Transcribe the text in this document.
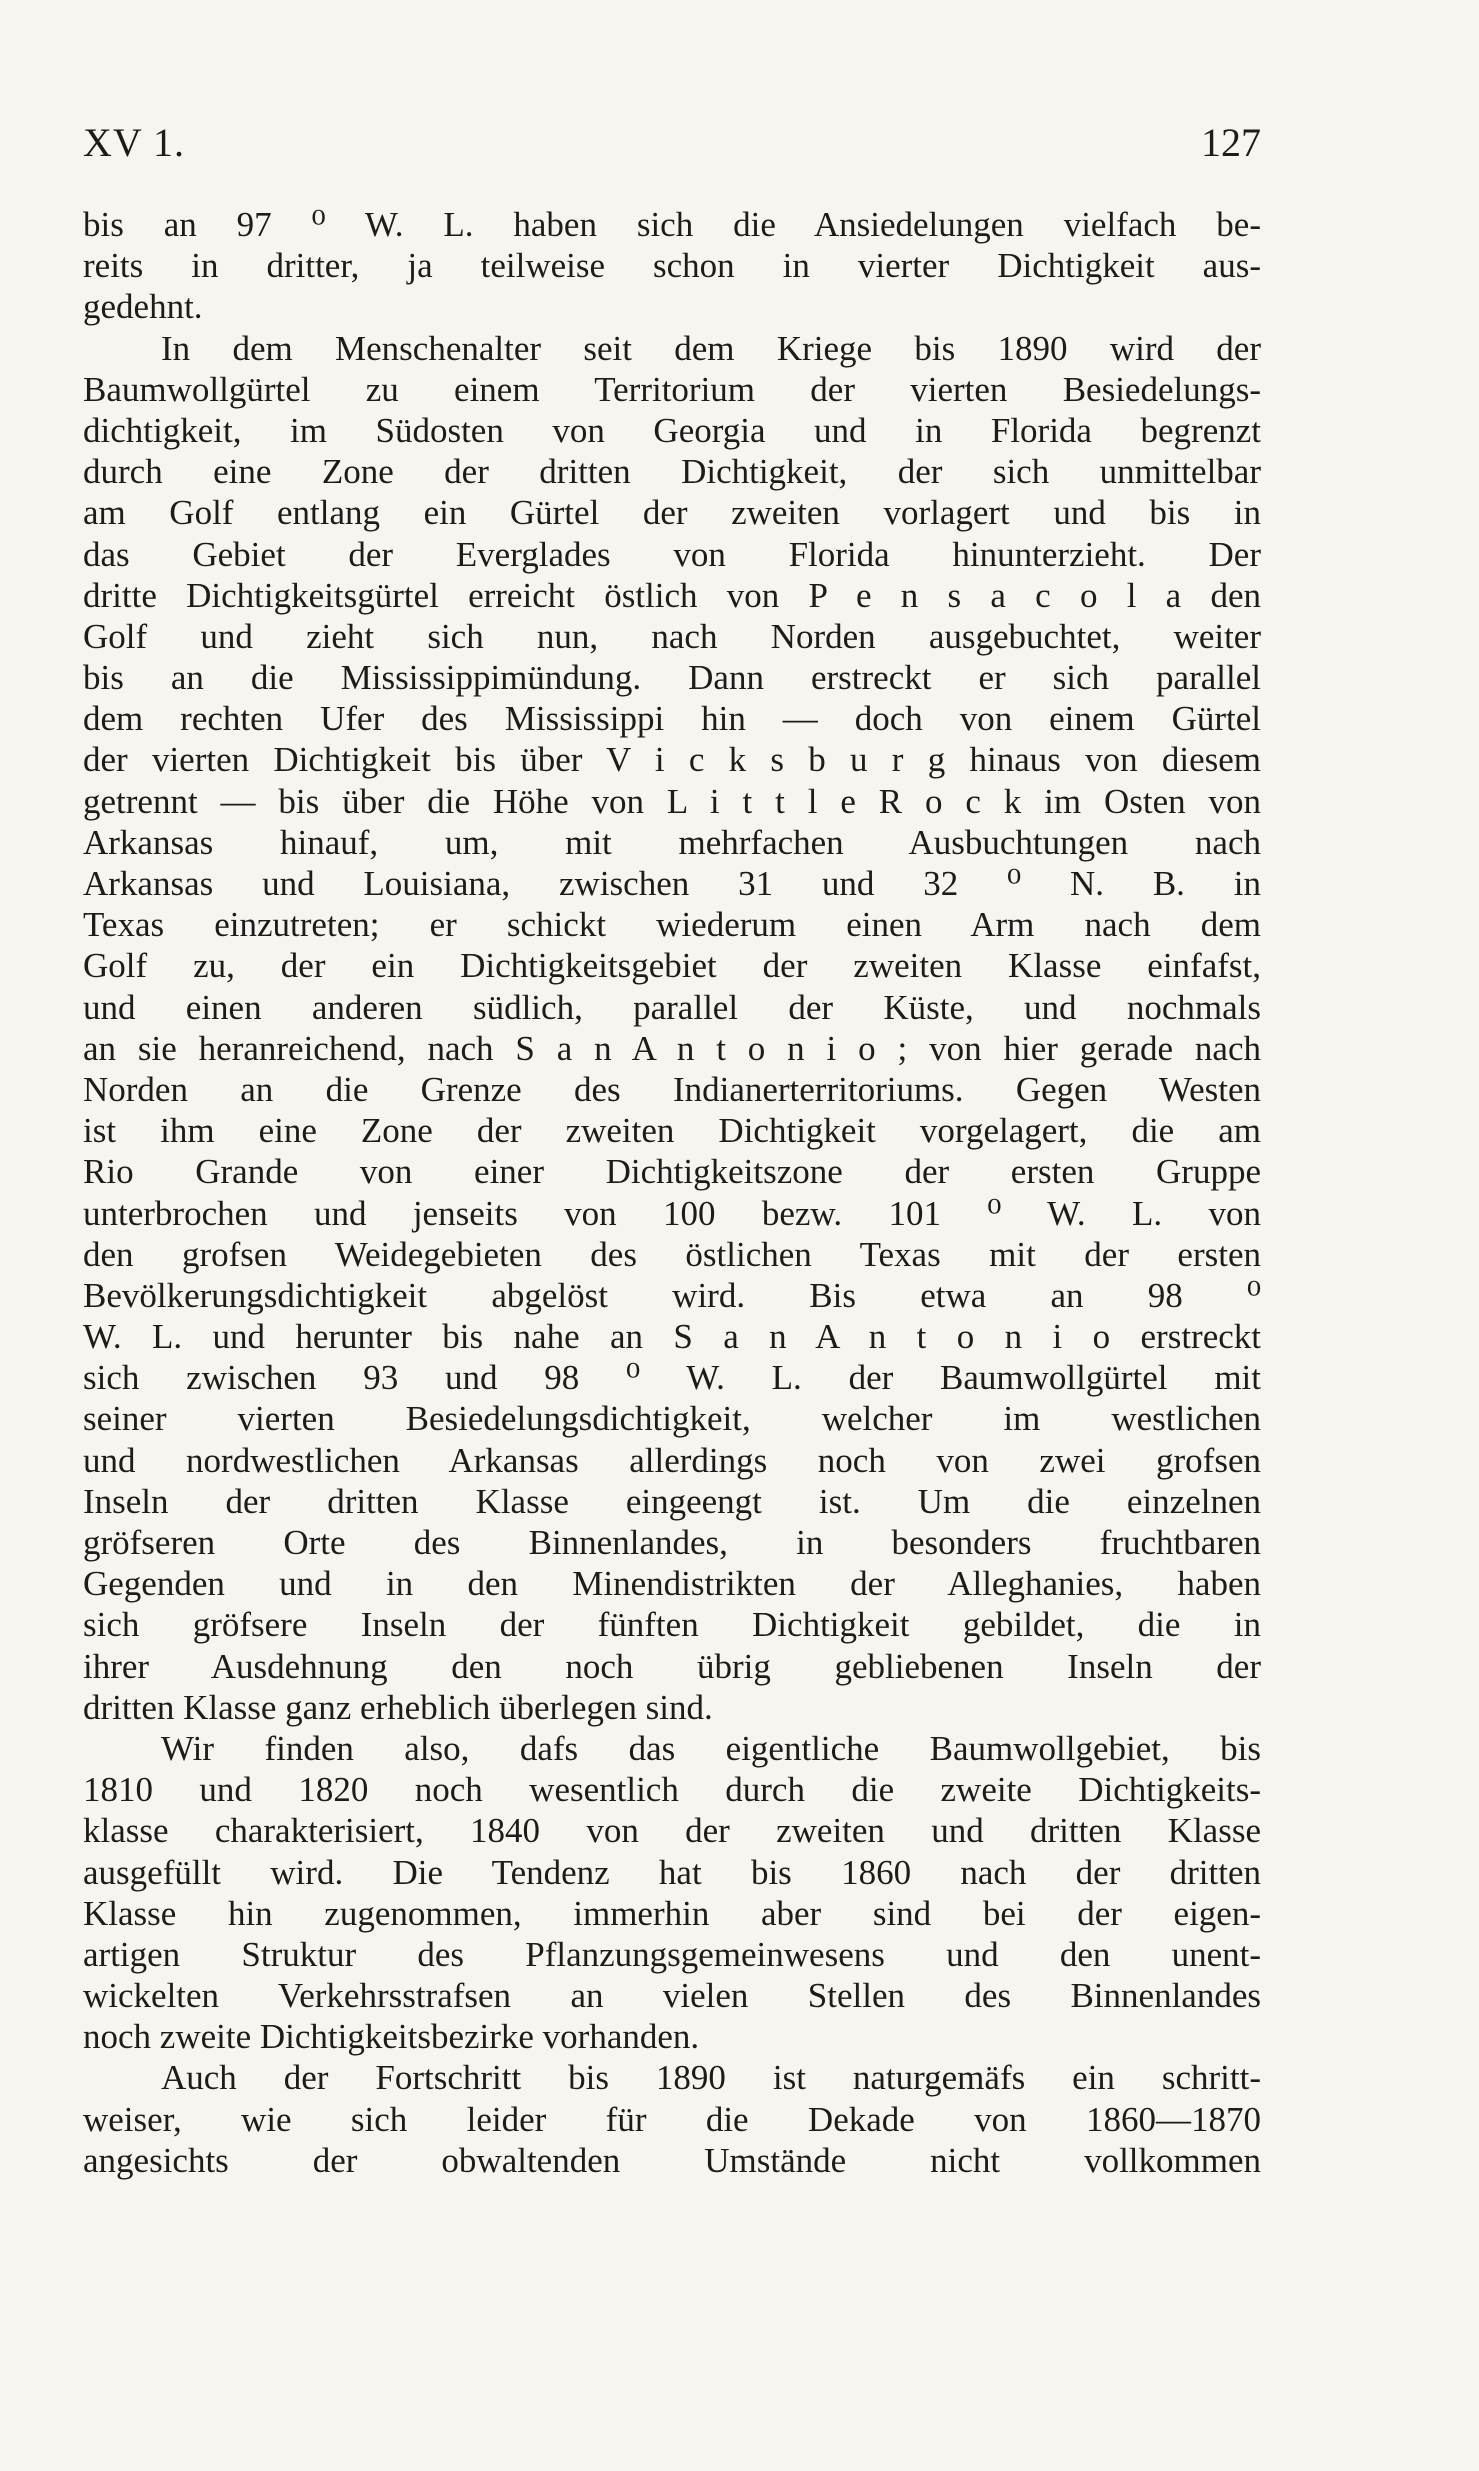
XV 1.	127
bis an 97 ⁰ W. L. haben sich die Ansiedelungen vielfach be-
reits in dritter, ja teilweise schon in vierter Dichtigkeit aus-
gedehnt.
In dem Menschenalter seit dem Kriege bis 1890 wird der
Baumwollgürtel zu einem Territorium der vierten Besiedelungs-
dichtigkeit, im Südosten von Georgia und in Florida begrenzt
durch eine Zone der dritten Dichtigkeit, der sich unmittelbar
am Golf entlang ein Gürtel der zweiten vorlagert und bis in
das Gebiet der Everglades von Florida hinunterzieht. Der
dritte Dichtigkeitsgürtel erreicht östlich von P e n s a c o l a den
Golf und zieht sich nun, nach Norden ausgebuchtet, weiter
bis an die Mississippimündung. Dann erstreckt er sich parallel
dem rechten Ufer des Mississippi hin — doch von einem Gürtel
der vierten Dichtigkeit bis über V i c k s b u r g hinaus von diesem
getrennt — bis über die Höhe von L i t t l e R o c k im Osten von
Arkansas hinauf, um, mit mehrfachen Ausbuchtungen nach
Arkansas und Louisiana, zwischen 31 und 32 ⁰ N. B. in
Texas einzutreten; er schickt wiederum einen Arm nach dem
Golf zu, der ein Dichtigkeitsgebiet der zweiten Klasse einfafst,
und einen anderen südlich, parallel der Küste, und nochmals
an sie heranreichend, nach S a n A n t o n i o ; von hier gerade nach
Norden an die Grenze des Indianerterritoriums. Gegen Westen
ist ihm eine Zone der zweiten Dichtigkeit vorgelagert, die am
Rio Grande von einer Dichtigkeitszone der ersten Gruppe
unterbrochen und jenseits von 100 bezw. 101 ⁰ W. L. von
den grofsen Weidegebieten des östlichen Texas mit der ersten
Bevölkerungsdichtigkeit abgelöst wird. Bis etwa an 98 ⁰
W. L. und herunter bis nahe an S a n A n t o n i o erstreckt
sich zwischen 93 und 98 ⁰ W. L. der Baumwollgürtel mit
seiner vierten Besiedelungsdichtigkeit, welcher im westlichen
und nordwestlichen Arkansas allerdings noch von zwei grofsen
Inseln der dritten Klasse eingeengt ist. Um die einzelnen
gröfseren Orte des Binnenlandes, in besonders fruchtbaren
Gegenden und in den Minendistrikten der Alleghanies, haben
sich gröfsere Inseln der fünften Dichtigkeit gebildet, die in
ihrer Ausdehnung den noch übrig gebliebenen Inseln der
dritten Klasse ganz erheblich überlegen sind.
Wir finden also, dafs das eigentliche Baumwollgebiet, bis
1810 und 1820 noch wesentlich durch die zweite Dichtigkeits-
klasse charakterisiert, 1840 von der zweiten und dritten Klasse
ausgefüllt wird. Die Tendenz hat bis 1860 nach der dritten
Klasse hin zugenommen, immerhin aber sind bei der eigen-
artigen Struktur des Pflanzungsgemeinwesens und den unent-
wickelten Verkehrsstrafsen an vielen Stellen des Binnenlandes
noch zweite Dichtigkeitsbezirke vorhanden.
Auch der Fortschritt bis 1890 ist naturgemäfs ein schritt-
weiser, wie sich leider für die Dekade von 1860—1870
angesichts der obwaltenden Umstände nicht vollkommen
